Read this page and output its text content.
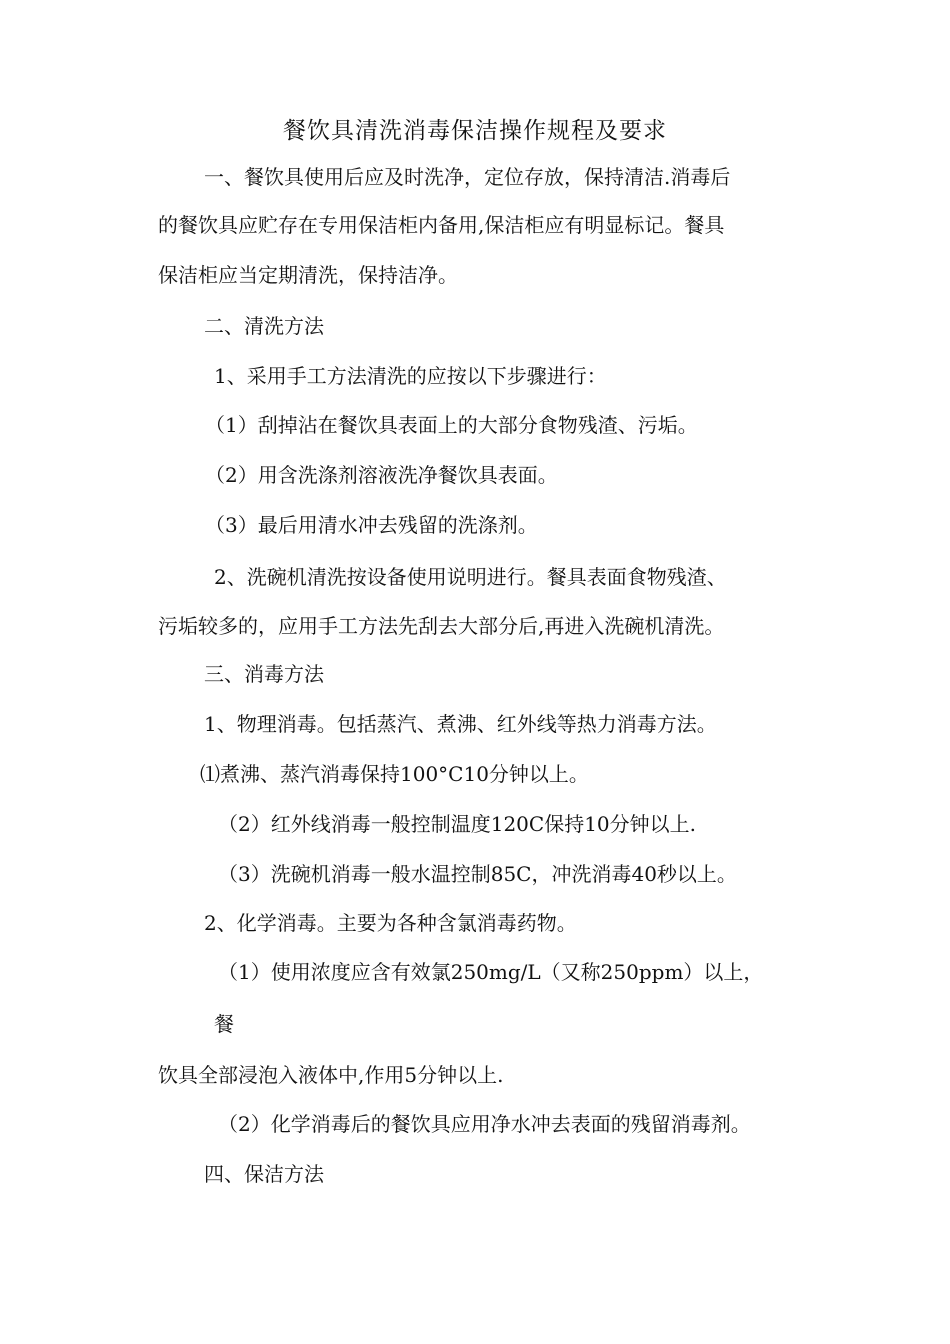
餐饮具清洗消毒保洁操作规程及要求

一、餐饮具使用后应及时洗净，定位存放，保持清洁.消毒后

的餐饮具应贮存在专用保洁柜内备用,保洁柜应有明显标记。餐具

保洁柜应当定期清洗，保持洁净。

二、清洗方法

1、采用手工方法清洗的应按以下步骤进行：

（1）刮掉沾在餐饮具表面上的大部分食物残渣、污垢。

（2）用含洗涤剂溶液洗净餐饮具表面。

（3）最后用清水冲去残留的洗涤剂。

2、洗碗机清洗按设备使用说明进行。餐具表面食物残渣、

污垢较多的，应用手工方法先刮去大部分后,再进入洗碗机清洗。

三、消毒方法

1、物理消毒。包括蒸汽、煮沸、红外线等热力消毒方法。

⑴煮沸、蒸汽消毒保持100°C10分钟以上。

（2）红外线消毒一般控制温度120C保持10分钟以上.

（3）洗碗机消毒一般水温控制85C，冲洗消毒40秒以上。

2、化学消毒。主要为各种含氯消毒药物。

（1）使用浓度应含有效氯250mg/L（又称250ppm）以上，

餐

饮具全部浸泡入液体中,作用5分钟以上.

（2）化学消毒后的餐饮具应用净水冲去表面的残留消毒剂。

四、保洁方法
